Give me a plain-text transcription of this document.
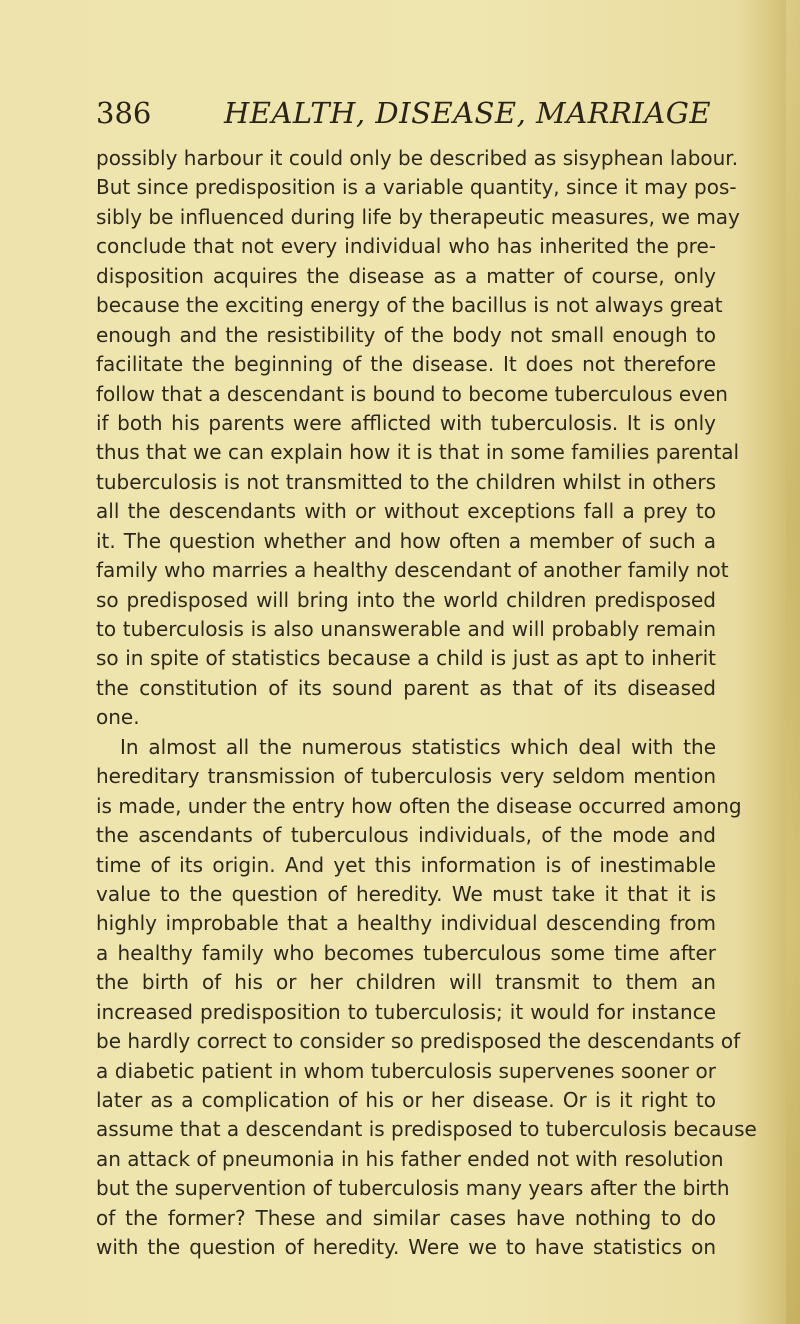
386	HEALTH, DISEASE, MARRIAGE
possibly harbour it could only be described as sisyphean labour.
But since predisposition is a variable quantity, since it may pos-
sibly be influenced during life by therapeutic measures, we may
conclude that not every individual who has inherited the pre-
disposition acquires the disease as a matter of course, only
because the exciting energy of the bacillus is not always great
enough and the resistibility of the body not small enough to
facilitate the beginning of the disease. It does not therefore
follow that a descendant is bound to become tuberculous even
if both his parents were afflicted with tuberculosis. It is only
thus that we can explain how it is that in some families parental
tuberculosis is not transmitted to the children whilst in others
all the descendants with or without exceptions fall a prey to
it. The question whether and how often a member of such a
family who marries a healthy descendant of another family not
so predisposed will bring into the world children predisposed
to tuberculosis is also unanswerable and will probably remain
so in spite of statistics because a child is just as apt to inherit
the constitution of its sound parent as that of its diseased
one.
In almost all the numerous statistics which deal with the
hereditary transmission of tuberculosis very seldom mention
is made, under the entry how often the disease occurred among
the ascendants of tuberculous individuals, of the mode and
time of its origin. And yet this information is of inestimable
value to the question of heredity. We must take it that it is
highly improbable that a healthy individual descending from
a healthy family who becomes tuberculous some time after
the birth of his or her children will transmit to them an
increased predisposition to tuberculosis; it would for instance
be hardly correct to consider so predisposed the descendants of
a diabetic patient in whom tuberculosis supervenes sooner or
later as a complication of his or her disease. Or is it right to
assume that a descendant is predisposed to tuberculosis because
an attack of pneumonia in his father ended not with resolution
but the supervention of tuberculosis many years after the birth
of the former? These and similar cases have nothing to do
with the question of heredity. Were we to have statistics on
